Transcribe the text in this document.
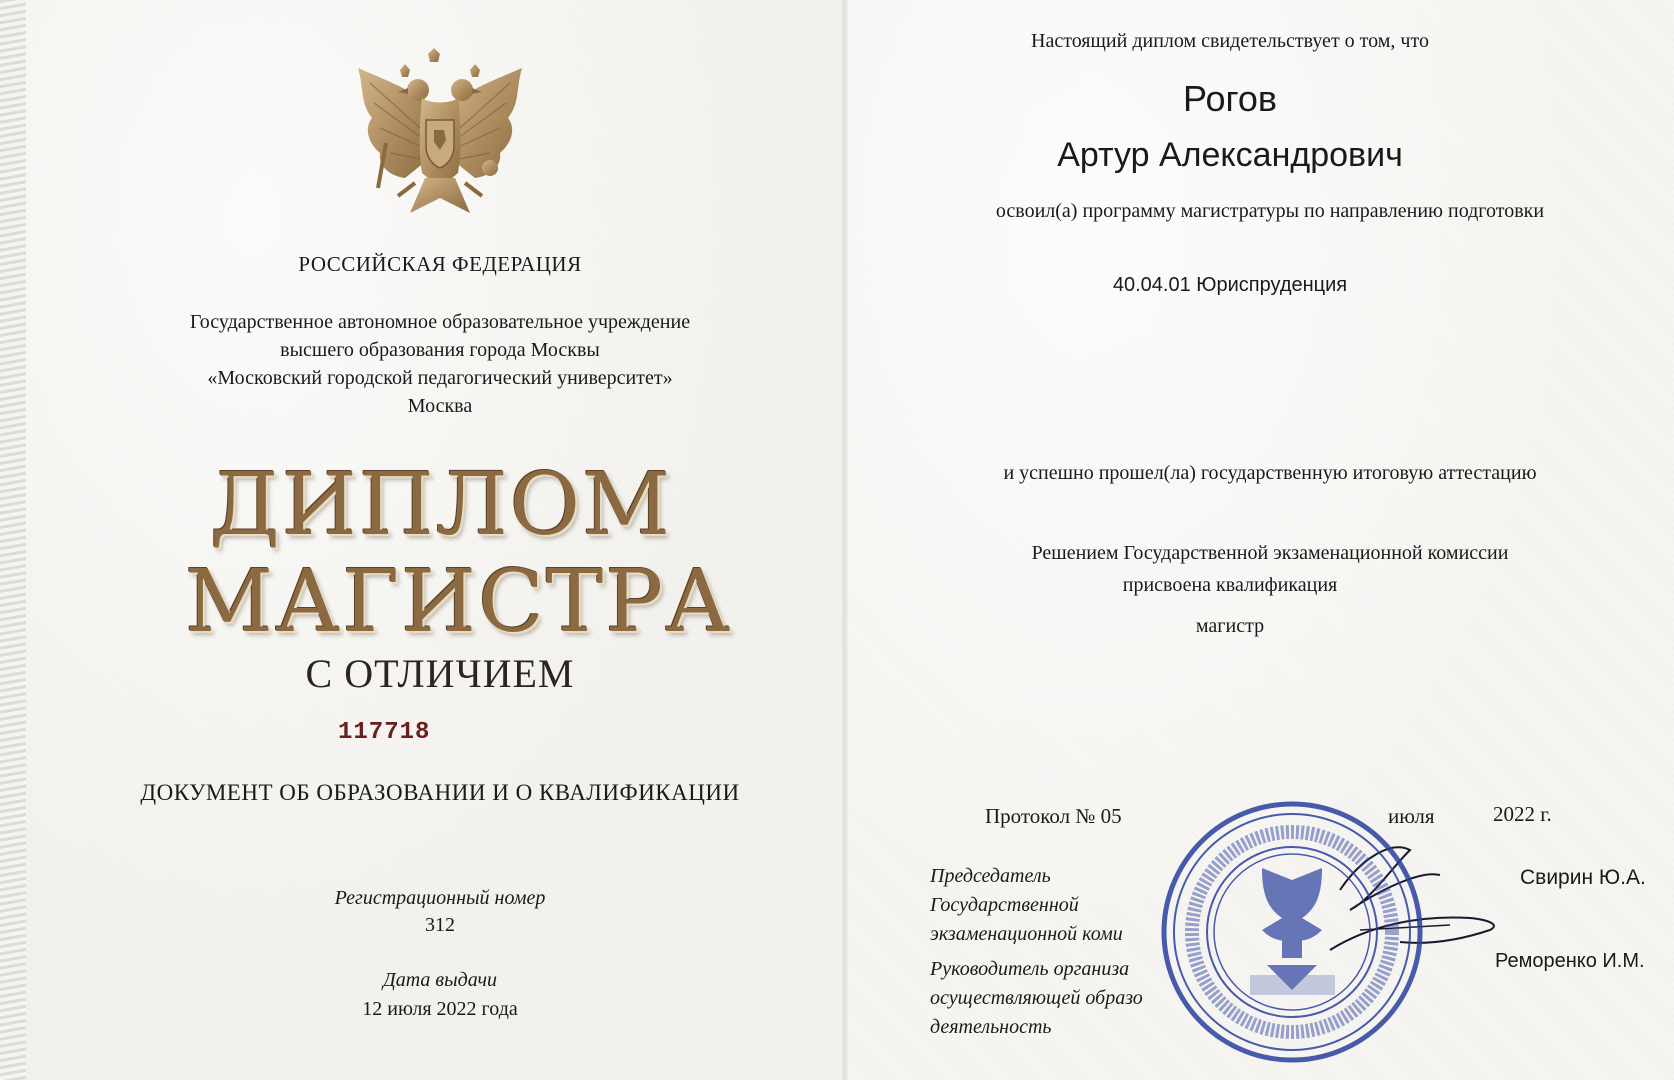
РОССИЙСКАЯ ФЕДЕРАЦИЯ
Государственное автономное образовательное учреждение
высшего образования города Москвы
«Московский городской педагогический университет»
Москва
ДИПЛОМ
МАГИСТРА
С ОТЛИЧИЕМ
117718
ДОКУМЕНТ ОБ ОБРАЗОВАНИИ И О КВАЛИФИКАЦИИ
Регистрационный номер
312
Дата выдачи
12 июля 2022 года
Настоящий диплом свидетельствует о том, что
Рогов
Артур Александрович
освоил(а) программу магистратуры по направлению подготовки
40.04.01 Юриспруденция
и успешно прошел(ла) государственную итоговую аттестацию
Решением Государственной экзаменационной комиссии
присвоена квалификация
магистр
Протокол № 05	июля	2022 г.
Председатель Государственной экзаменационной коми
Свирин Ю.А.
Руководитель организа осуществляющей образо деятельность
Реморенко И.М.
